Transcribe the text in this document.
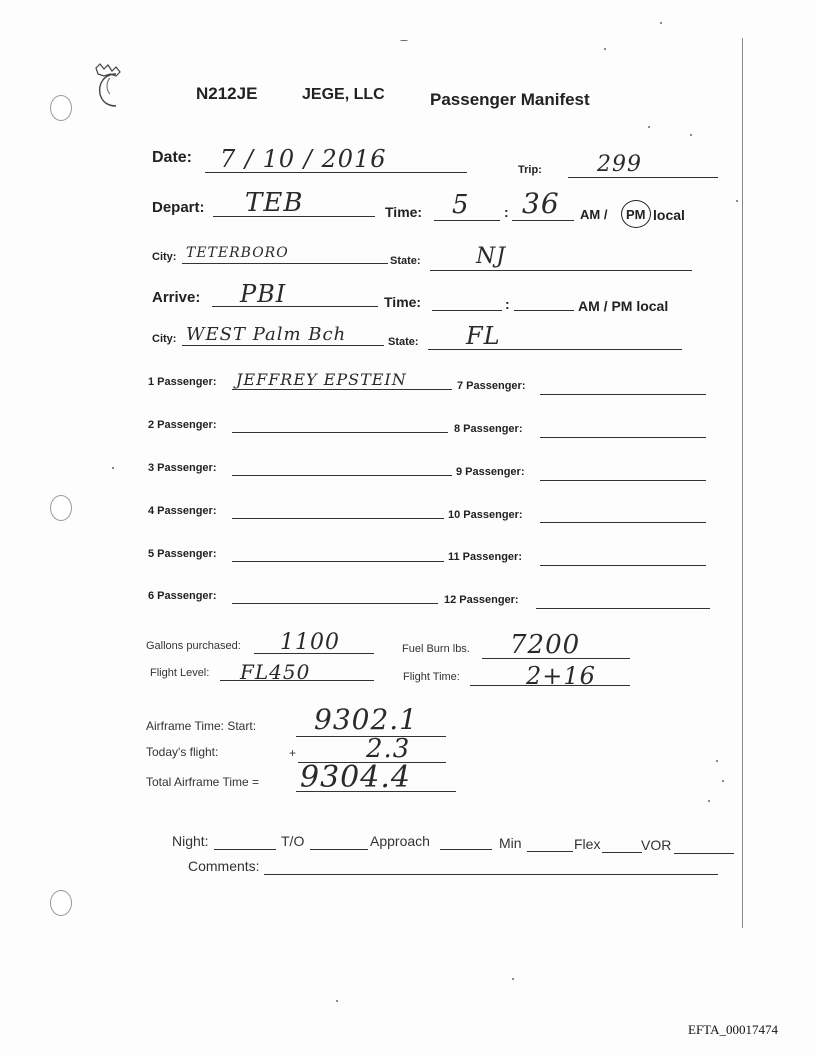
N212JE	JEGE, LLC	Passenger Manifest
Date: 7 / 10 / 2016	Trip:	299
Depart: TEB	Time: 5 : 36 AM / PM local
City: TETERBORO	State:	NJ
Arrive: PBI	Time:	:	AM / PM local
City: WEST Palm Bch	State: FL
1 Passenger: JEFFREY EPSTEIN
2 Passenger:
3 Passenger:
4 Passenger:
5 Passenger:
6 Passenger:
7 Passenger:
8 Passenger:
9 Passenger:
10 Passenger:
11 Passenger:
12 Passenger:
Gallons purchased: 1100	Fuel Burn lbs. 7200
Flight Level: FL450	Flight Time:	2+16
Airframe Time: Start: 9302.1
Today's flight:	+	2.3
Total Airframe Time = 9304.4
Night:	T/O	Approach	Min	Flex	VOR
Comments:
EFTA_00017474
